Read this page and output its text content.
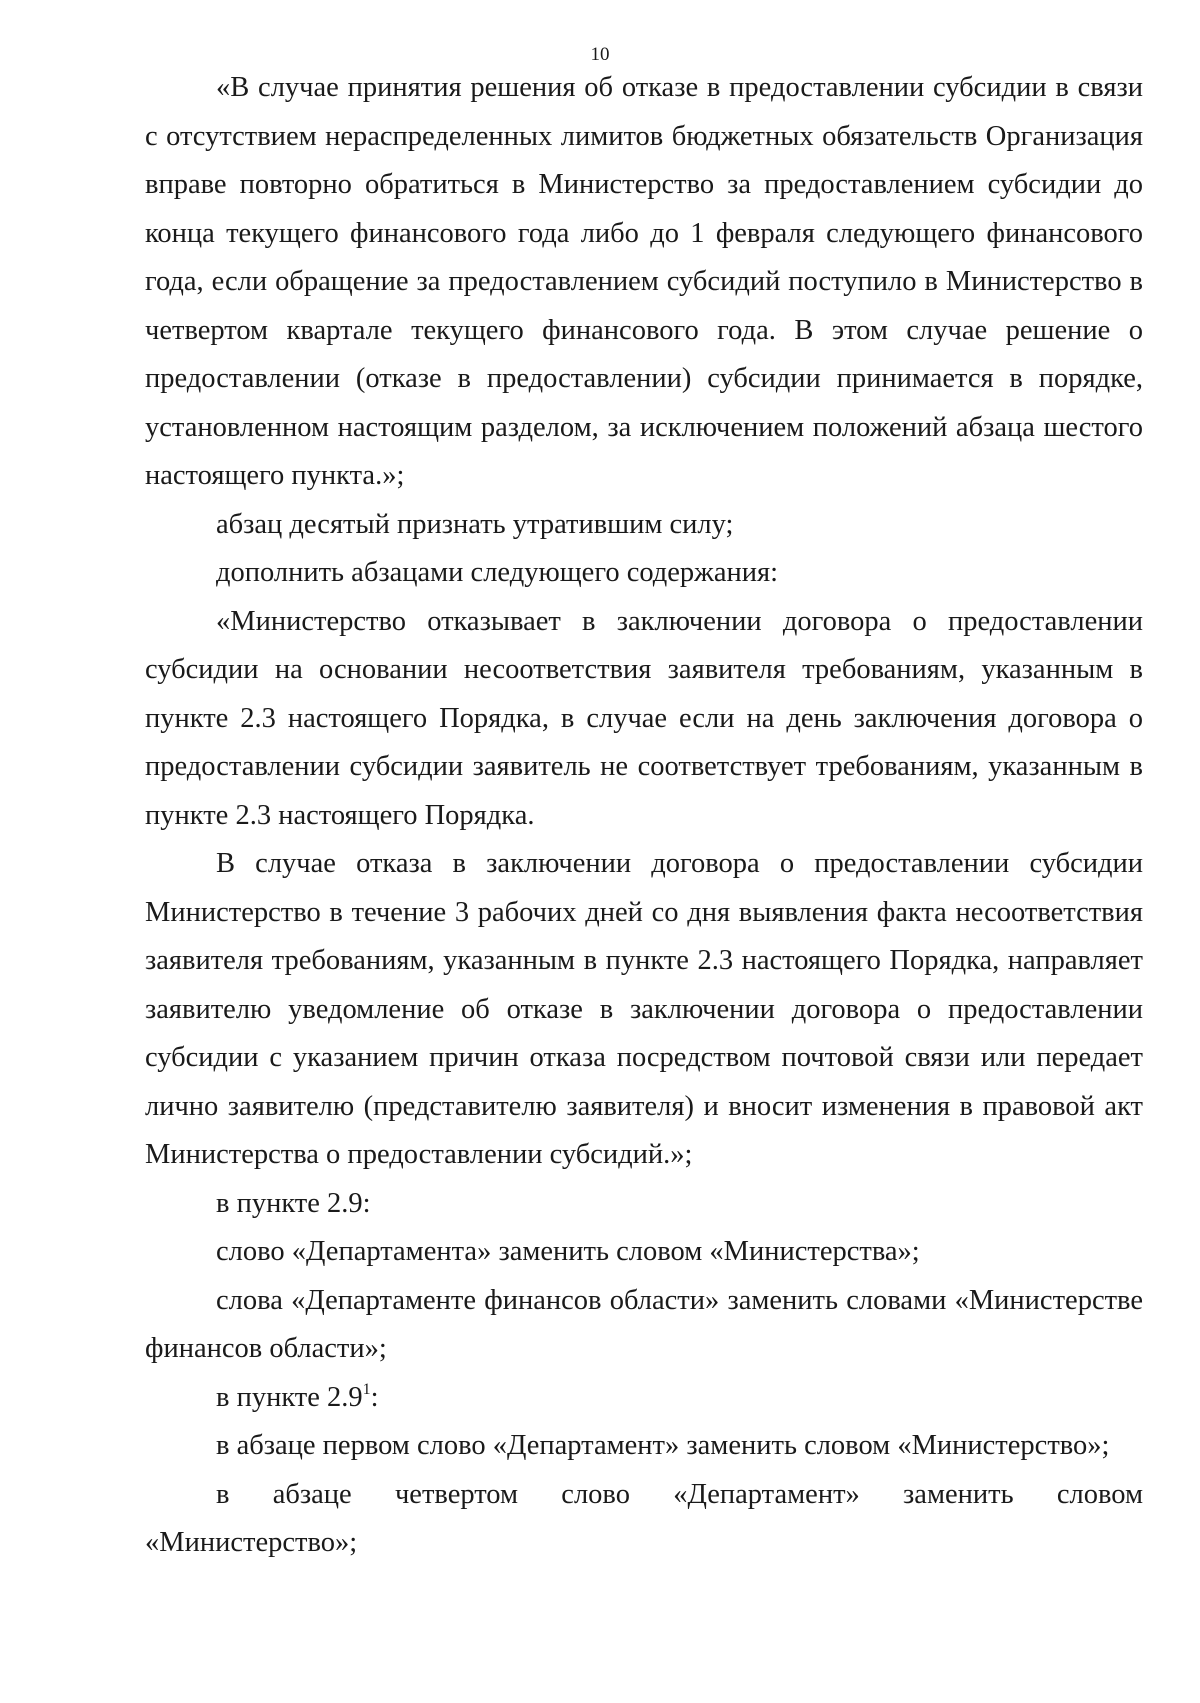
10

«В случае принятия решения об отказе в предоставлении субсидии в связи с отсутствием нераспределенных лимитов бюджетных обязательств Организация вправе повторно обратиться в Министерство за предоставлением субсидии до конца текущего финансового года либо до 1 февраля следующего финансового года, если обращение за предоставлением субсидий поступило в Министерство в четвертом квартале текущего финансового года. В этом случае решение о предоставлении (отказе в предоставлении) субсидии принимается в порядке, установленном настоящим разделом, за исключением положений абзаца шестого настоящего пункта.»;

абзац десятый признать утратившим силу;

дополнить абзацами следующего содержания:

«Министерство отказывает в заключении договора о предоставлении субсидии на основании несоответствия заявителя требованиям, указанным в пункте 2.3 настоящего Порядка, в случае если на день заключения договора о предоставлении субсидии заявитель не соответствует требованиям, указанным в пункте 2.3 настоящего Порядка.

В случае отказа в заключении договора о предоставлении субсидии Министерство в течение 3 рабочих дней со дня выявления факта несоответствия заявителя требованиям, указанным в пункте 2.3 настоящего Порядка, направляет заявителю уведомление об отказе в заключении договора о предоставлении субсидии с указанием причин отказа посредством почтовой связи или передает лично заявителю (представителю заявителя) и вносит изменения в правовой акт Министерства о предоставлении субсидий.»;

в пункте 2.9:

слово «Департамента» заменить словом «Министерства»;

слова «Департаменте финансов области» заменить словами «Министерстве финансов области»;

в пункте $2.9^1$:

в абзаце первом слово «Департамент» заменить словом «Министерство»;

в абзаце четвертом слово «Департамент» заменить словом «Министерство»;
